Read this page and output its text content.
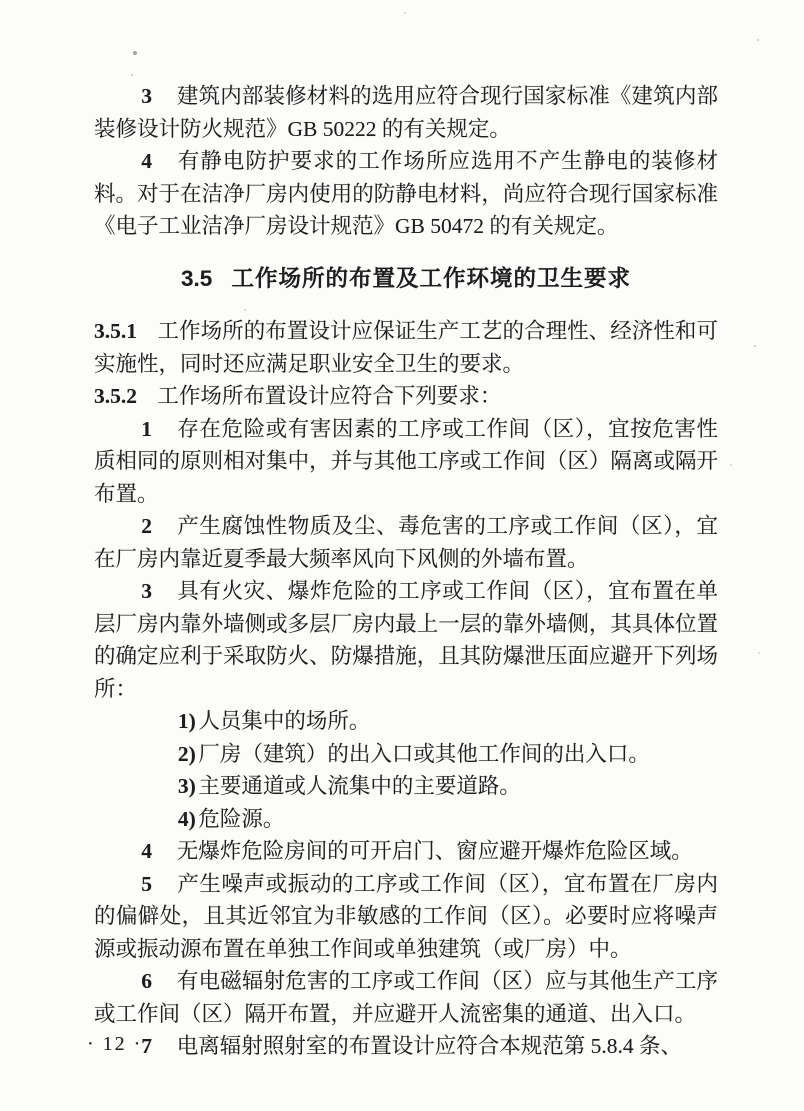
3 建筑内部装修材料的选用应符合现行国家标准《建筑内部装修设计防火规范》GB 50222 的有关规定。

4 有静电防护要求的工作场所应选用不产生静电的装修材料。对于在洁净厂房内使用的防静电材料，尚应符合现行国家标准《电子工业洁净厂房设计规范》GB 50472 的有关规定。

3.5 工作场所的布置及工作环境的卫生要求

3.5.1 工作场所的布置设计应保证生产工艺的合理性、经济性和可实施性，同时还应满足职业安全卫生的要求。

3.5.2 工作场所布置设计应符合下列要求：

1 存在危险或有害因素的工序或工作间（区），宜按危害性质相同的原则相对集中，并与其他工序或工作间（区）隔离或隔开布置。

2 产生腐蚀性物质及尘、毒危害的工序或工作间（区），宜在厂房内靠近夏季最大频率风向下风侧的外墙布置。

3 具有火灾、爆炸危险的工序或工作间（区），宜布置在单层厂房内靠外墙侧或多层厂房内最上一层的靠外墙侧，其具体位置的确定应利于采取防火、防爆措施，且其防爆泄压面应避开下列场所：

1) 人员集中的场所。

2) 厂房（建筑）的出入口或其他工作间的出入口。

3) 主要通道或人流集中的主要道路。

4) 危险源。

4 无爆炸危险房间的可开启门、窗应避开爆炸危险区域。

5 产生噪声或振动的工序或工作间（区），宜布置在厂房内的偏僻处，且其近邻宜为非敏感的工作间（区）。必要时应将噪声源或振动源布置在单独工作间或单独建筑（或厂房）中。

6 有电磁辐射危害的工序或工作间（区）应与其他生产工序或工作间（区）隔开布置，并应避开人流密集的通道、出入口。

7 电离辐射照射室的布置设计应符合本规范第 5.8.4 条、

· 12 ·
